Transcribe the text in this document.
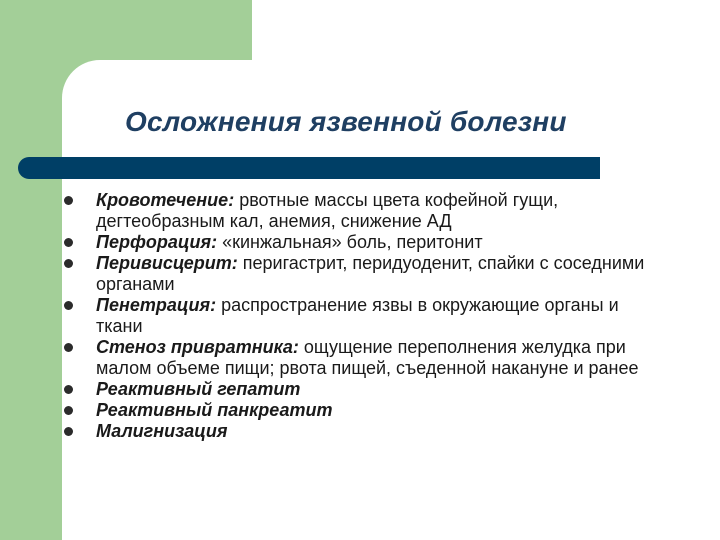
Осложнения язвенной болезни
Кровотечение: рвотные массы цвета кофейной гущи,
дегтеобразным кал, анемия, снижение АД
Перфорация: «кинжальная» боль, перитонит
Перивисцерит: перигастрит, перидуоденит, спайки с соседними
органами
Пенетрация: распространение язвы в окружающие органы и
ткани
Стеноз привратника: ощущение переполнения желудка при
малом объеме пищи; рвота пищей, съеденной накануне и ранее
Реактивный гепатит
Реактивный панкреатит
Малигнизация
